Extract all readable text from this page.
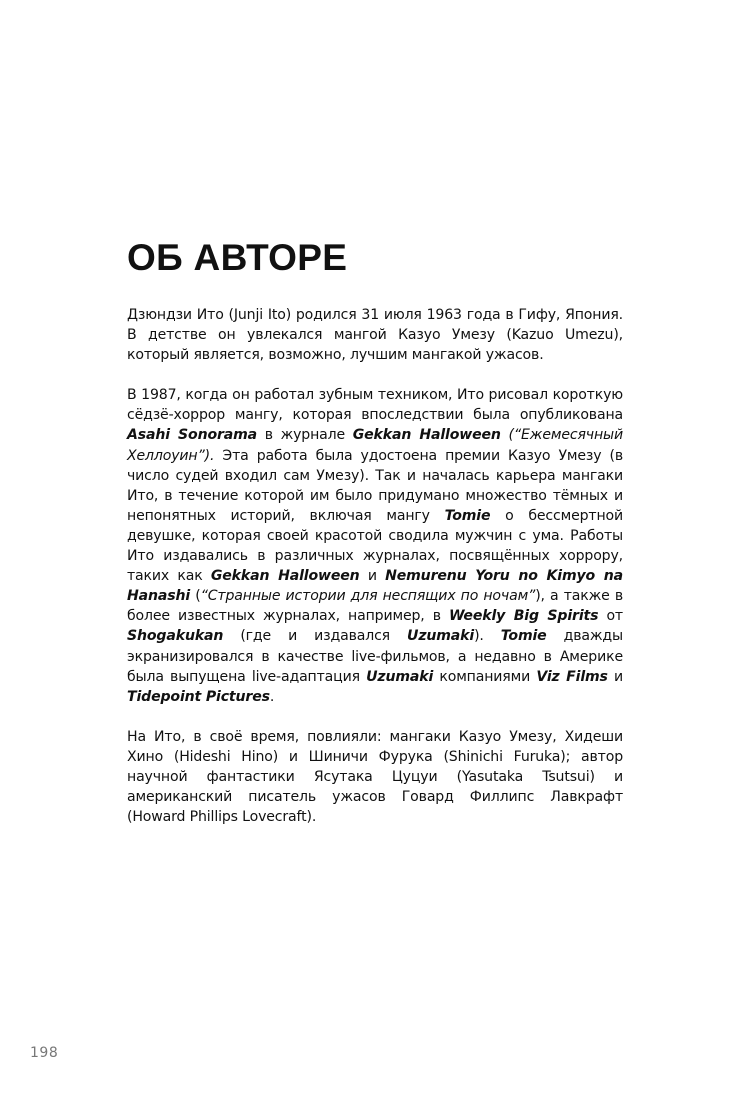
ОБ АВТОРЕ

Дзюндзи Ито (Junji Ito) родился 31 июля 1963 года в Гифу, Япония. В детстве он увлекался мангой Казуо Умезу (Kazuo Umezu), который является, возможно, лучшим мангакой ужасов.

В 1987, когда он работал зубным техником, Ито рисовал короткую сёдзё-хоррор мангу, которая впоследствии была опубликована Asahi Sonorama в журнале Gekkan Halloween (“Ежемесячный Хеллоуин”). Эта работа была удостоена премии Казуо Умезу (в число судей входил сам Умезу). Так и началась карьера мангаки Ито, в течение которой им было придумано множество тёмных и непонятных историй, включая мангу Tomie о бессмертной девушке, которая своей красотой сводила мужчин с ума. Работы Ито издавались в различных журналах, посвящённых хоррору, таких как Gekkan Halloween и Nemurenu Yoru no Kimyo na Hanashi (“Странные истории для неспящих по ночам”), а также в более известных журналах, например, в Weekly Big Spirits от Shogakukan (где и издавался Uzumaki). Tomie дважды экранизировался в качестве live-фильмов, а недавно в Америке была выпущена live-адаптация Uzumaki компаниями Viz Films и Tidepoint Pictures.

На Ито, в своё время, повлияли: мангаки Казуо Умезу, Хидеши Хино (Hideshi Hino) и Шиничи Фурука (Shinichi Furuka); автор научной фантастики Ясутака Цуцуи (Yasutaka Tsutsui) и американский писатель ужасов Говард Филлипс Лавкрафт (Howard Phillips Lovecraft).

198
